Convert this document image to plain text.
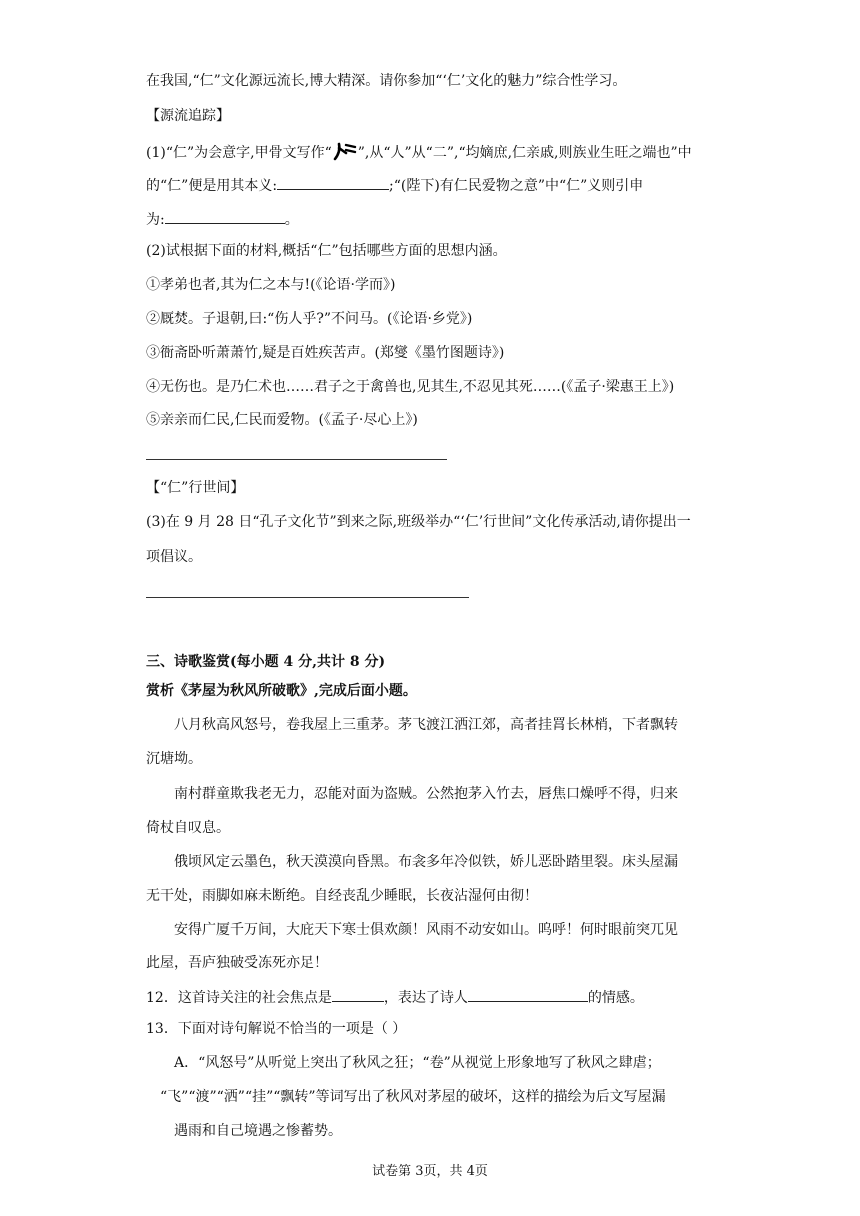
在我国,“仁”文化源远流长,博大精深。请你参加“‘仁’文化的魅力”综合性学习。
【源流追踪】
(1)“仁”为会意字,甲骨文写作“ ”,从“人”从“二”,“均嫡庶,仁亲戚,则族业生旺之端也”中
的“仁”便是用其本义:	;“(陛下)有仁民爱物之意”中“仁”义则引申
为:	。
(2)试根据下面的材料,概括“仁”包括哪些方面的思想内涵。
①孝弟也者,其为仁之本与!(《论语·学而》)
②厩焚。子退朝,曰:“伤人乎?”不问马。(《论语·乡党》)
③衙斋卧听萧萧竹,疑是百姓疾苦声。(郑燮《墨竹图题诗》)
④无伤也。是乃仁术也……君子之于禽兽也,见其生,不忍见其死……(《孟子·梁惠王上》)
⑤亲亲而仁民,仁民而爱物。(《孟子·尽心上》)
【“仁”行世间】
(3)在 9 月 28 日“孔子文化节”到来之际,班级举办“‘仁’行世间”文化传承活动,请你提出一
项倡议。
三、诗歌鉴赏(每小题 4 分,共计 8 分)
赏析《茅屋为秋风所破歌》,完成后面小题。
八月秋高风怒号，卷我屋上三重茅。茅飞渡江洒江郊，高者挂罥长林梢，下者飘转
沉塘坳。
南村群童欺我老无力，忍能对面为盗贼。公然抱茅入竹去，唇焦口燥呼不得，归来
倚杖自叹息。
俄顷风定云墨色，秋天漠漠向昏黑。布衾多年冷似铁，娇儿恶卧踏里裂。床头屋漏
无干处，雨脚如麻未断绝。自经丧乱少睡眠，长夜沾湿何由彻！
安得广厦千万间，大庇天下寒士俱欢颜！风雨不动安如山。呜呼！何时眼前突兀见
此屋，吾庐独破受冻死亦足！
12．这首诗关注的社会焦点是	，表达了诗人	的情感。
13．下面对诗句解说不恰当的一项是（ ）
A．“风怒号”从听觉上突出了秋风之狂；“卷”从视觉上形象地写了秋风之肆虐；
“飞”“渡”“洒”“挂”“飘转”等词写出了秋风对茅屋的破坏，这样的描绘为后文写屋漏
遇雨和自己境遇之惨蓄势。
试卷第 3页，共 4页
